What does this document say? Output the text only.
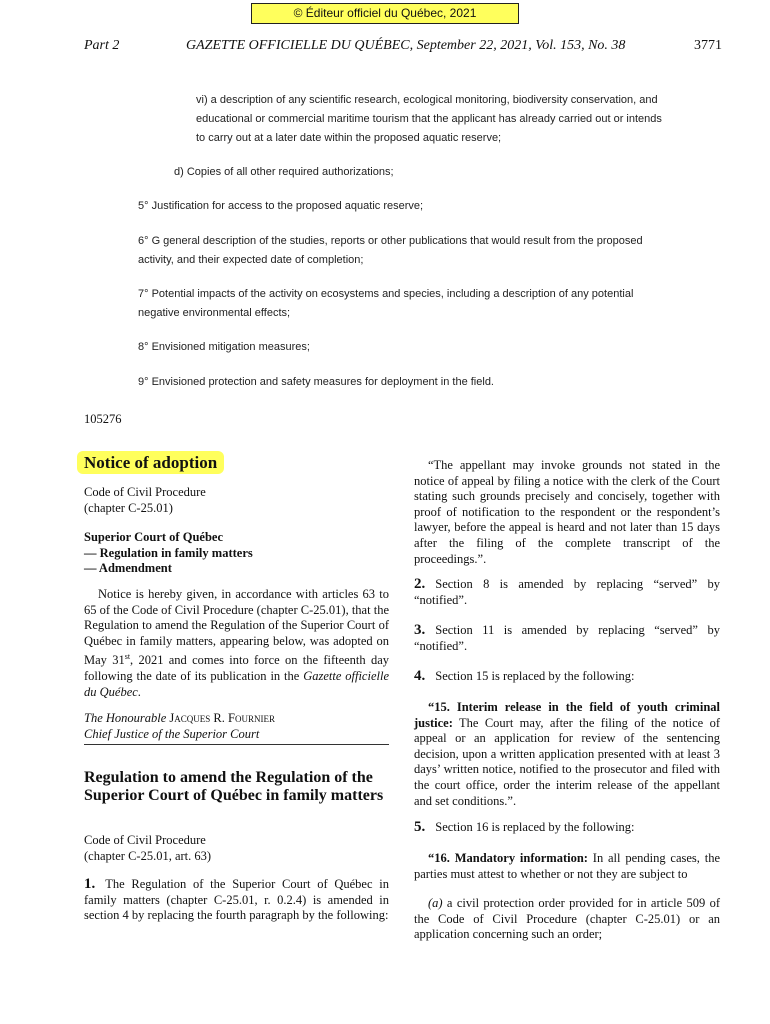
© Éditeur officiel du Québec, 2021
Part 2	GAZETTE OFFICIELLE DU QUÉBEC, September 22, 2021, Vol. 153, No. 38	3771
vi) a description of any scientific research, ecological monitoring, biodiversity conservation, and educational or commercial maritime tourism that the applicant has already carried out or intends to carry out at a later date within the proposed aquatic reserve;
d) Copies of all other required authorizations;
5° Justification for access to the proposed aquatic reserve;
6° G general description of the studies, reports or other publications that would result from the proposed activity, and their expected date of completion;
7° Potential impacts of the activity on ecosystems and species, including a description of any potential negative environmental effects;
8° Envisioned mitigation measures;
9° Envisioned protection and safety measures for deployment in the field.
105276
Notice of adoption
Code of Civil Procedure
(chapter C-25.01)
Superior Court of Québec
— Regulation in family matters
— Admendment
Notice is hereby given, in accordance with articles 63 to 65 of the Code of Civil Procedure (chapter C-25.01), that the Regulation to amend the Regulation of the Superior Court of Québec in family matters, appearing below, was adopted on May 31st, 2021 and comes into force on the fifteenth day following the date of its publication in the Gazette officielle du Québec.
The Honourable Jacques R. Fournier
Chief Justice of the Superior Court
Regulation to amend the Regulation of the Superior Court of Québec in family matters
Code of Civil Procedure
(chapter C-25.01, art. 63)
1. The Regulation of the Superior Court of Québec in family matters (chapter C-25.01, r. 0.2.4) is amended in section 4 by replacing the fourth paragraph by the following:
“The appellant may invoke grounds not stated in the notice of appeal by filing a notice with the clerk of the Court stating such grounds precisely and concisely, together with proof of notification to the respondent or the respondent’s lawyer, before the appeal is heard and not later than 15 days after the filing of the complete transcript of the proceedings.”.
2. Section 8 is amended by replacing “served” by “notified”.
3. Section 11 is amended by replacing “served” by “notified”.
4. Section 15 is replaced by the following:
“15. Interim release in the field of youth criminal justice: The Court may, after the filing of the notice of appeal or an application for review of the sentencing decision, upon a written application presented with at least 3 days’ written notice, notified to the prosecutor and filed with the court office, order the interim release of the appellant and set conditions.”.
5. Section 16 is replaced by the following:
“16. Mandatory information: In all pending cases, the parties must attest to whether or not they are subject to
(a) a civil protection order provided for in article 509 of the Code of Civil Procedure (chapter C-25.01) or an application concerning such an order;
